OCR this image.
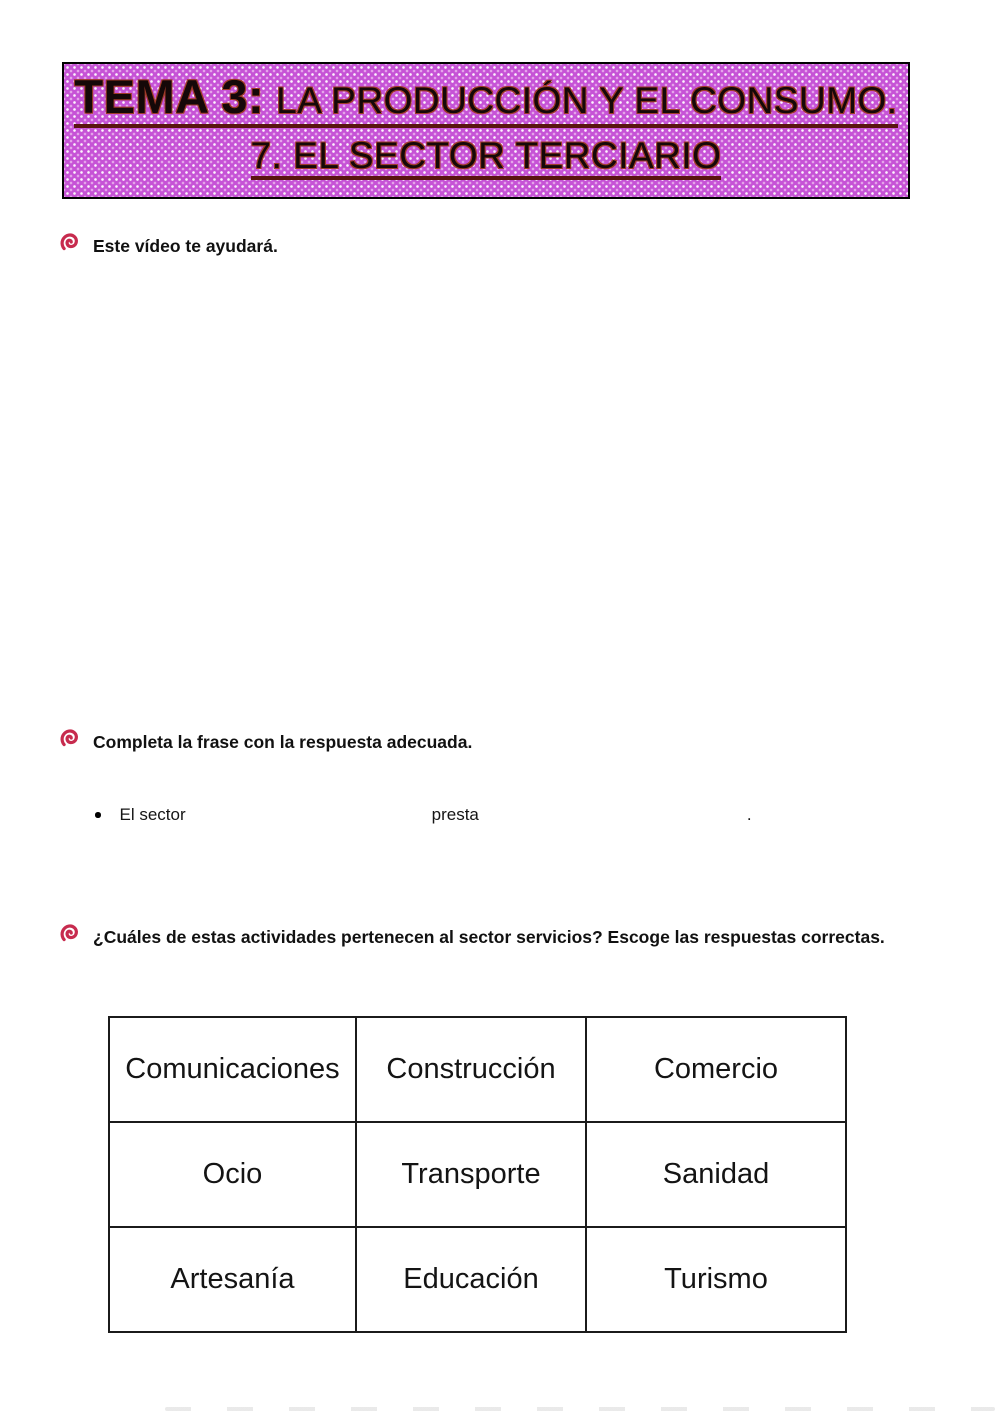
TEMA 3: LA PRODUCCIÓN Y EL CONSUMO.
7. EL SECTOR TERCIARIO
Este vídeo te ayudará.
Completa la frase con la respuesta adecuada.
El sector	presta	.
¿Cuáles de estas actividades pertenecen al sector servicios? Escoge las respuestas correctas.
Comunicaciones	Construcción	Comercio
Ocio	Transporte	Sanidad
Artesanía	Educación	Turismo
